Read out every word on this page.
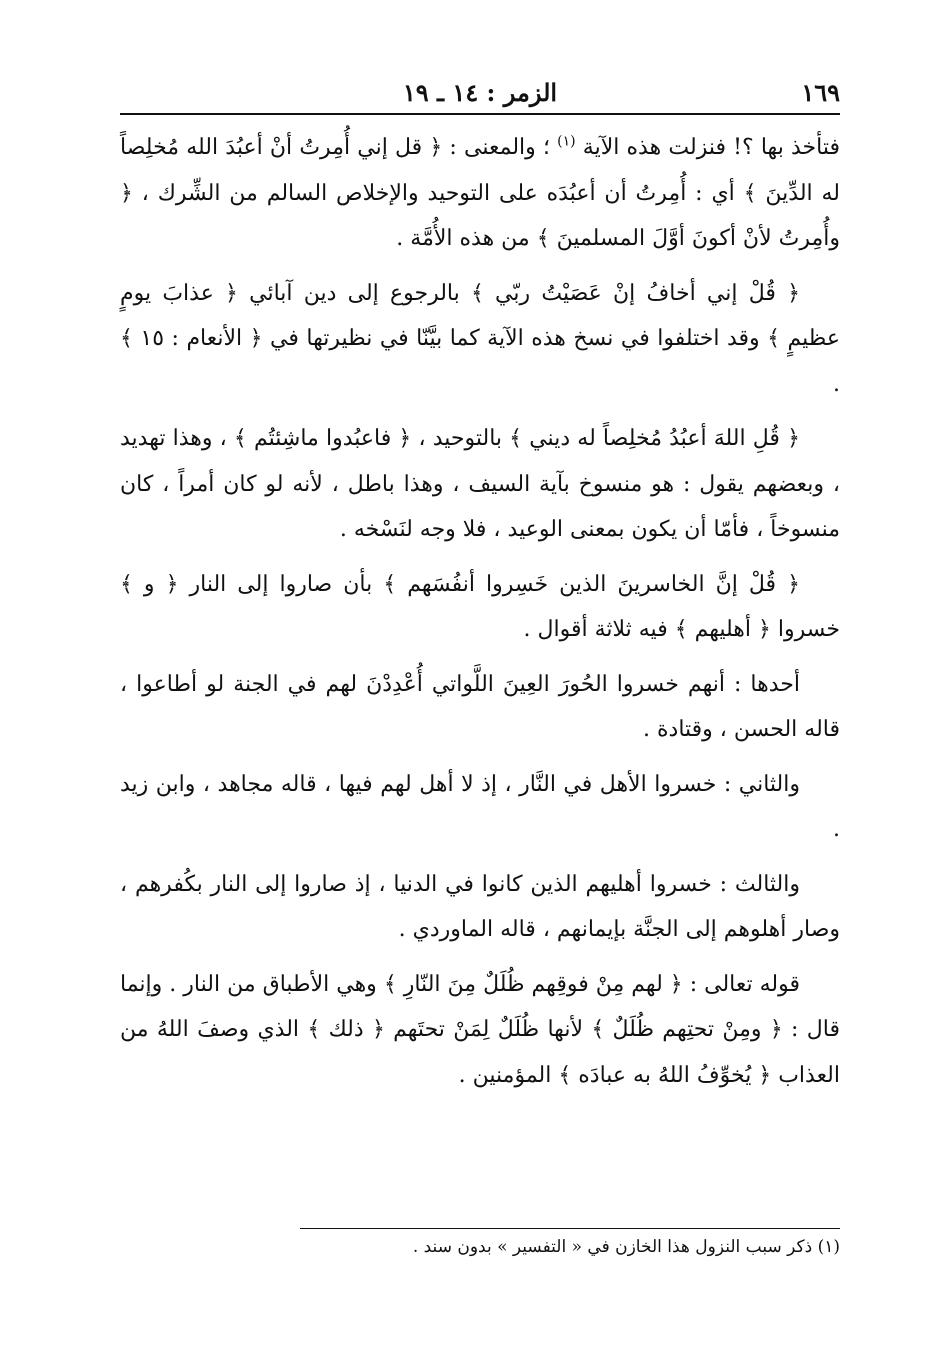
١٦٩
الزمر : ١٤ ـ ١٩

فتأخذ بها ؟! فنزلت هذه الآية $^{(١)}$ ؛ والمعنى : ﴿ قل إني أُمِرتُ أنْ أعبُدَ الله مُخلِصاً له الدِّينَ ﴾ أي : أُمِرتُ أن أعبُدَه على التوحيد والإخلاص السالم من الشِّرك ، ﴿ وأُمِرتُ لأنْ أكونَ أوَّلَ المسلمينَ ﴾ من هذه الأُمَّة .

﴿ قُلْ إني أخافُ إنْ عَصَيْتُ ربّي ﴾ بالرجوع إلى دين آبائي ﴿ عذابَ يومٍ عظيمٍ ﴾ وقد اختلفوا في نسخ هذه الآية كما بيَّنّا في نظيرتها في ﴿ الأنعام : ١٥ ﴾ .

﴿ قُلِ اللهَ أعبُدُ مُخلِصاً له ديني ﴾ بالتوحيد ، ﴿ فاعبُدوا ماشِئتُم ﴾ ، وهذا تهديد ، وبعضهم يقول : هو منسوخ بآية السيف ، وهذا باطل ، لأنه لو كان أمراً ، كان منسوخاً ، فأمّا أن يكون بمعنى الوعيد ، فلا وجه لنَسْخه .

﴿ قُلْ إنَّ الخاسرينَ الذين خَسِروا أنفُسَهم ﴾ بأن صاروا إلى النار ﴿ و ﴾ خسروا ﴿ أهليهم ﴾ فيه ثلاثة أقوال .

أحدها : أنهم خسروا الحُورَ العِينَ اللَّواتي أُعْدِدْنَ لهم في الجنة لو أطاعوا ، قاله الحسن ، وقتادة .

والثاني : خسروا الأهل في النَّار ، إذ لا أهل لهم فيها ، قاله مجاهد ، وابن زيد .

والثالث : خسروا أهليهم الذين كانوا في الدنيا ، إذ صاروا إلى النار بكُفرهم ، وصار أهلوهم إلى الجنَّة بإيمانهم ، قاله الماوردي .

قوله تعالى : ﴿ لهم مِنْ فوقِهم ظُلَلٌ مِنَ النّارِ ﴾ وهي الأطباق من النار . وإنما قال : ﴿ ومِنْ تحتِهم ظُلَلٌ ﴾ لأنها ظُلَلٌ لِمَنْ تحتَهم ﴿ ذلك ﴾ الذي وصفَ اللهُ من العذاب ﴿ يُخوِّفُ اللهُ به عبادَه ﴾ المؤمنين .

(١) ذكر سبب النزول هذا الخازن في « التفسير » بدون سند .
